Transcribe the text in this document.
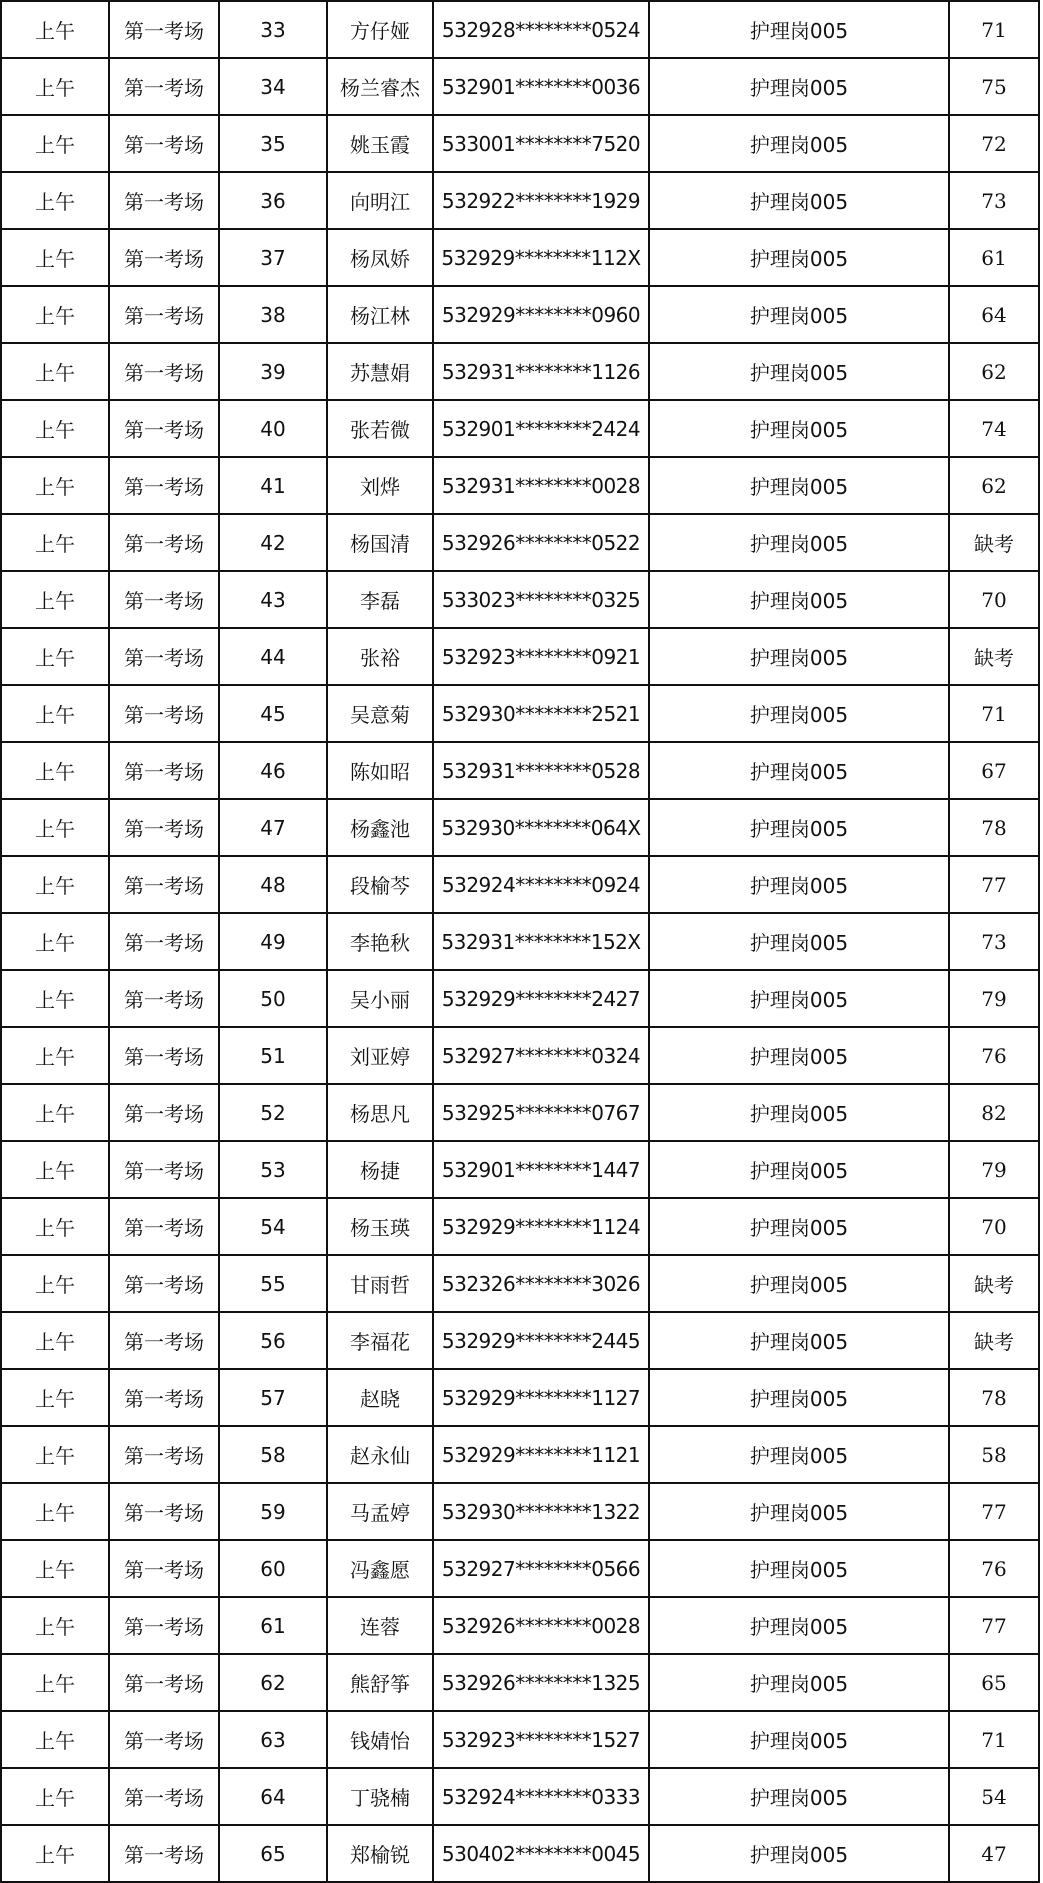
上午	第一考场	33	方仔娅	532928********0524	护理岗005	71
上午	第一考场	34	杨兰睿杰	532901********0036	护理岗005	75
上午	第一考场	35	姚玉霞	533001********7520	护理岗005	72
上午	第一考场	36	向明江	532922********1929	护理岗005	73
上午	第一考场	37	杨凤娇	532929********112X	护理岗005	61
上午	第一考场	38	杨江林	532929********0960	护理岗005	64
上午	第一考场	39	苏慧娟	532931********1126	护理岗005	62
上午	第一考场	40	张若微	532901********2424	护理岗005	74
上午	第一考场	41	刘烨	532931********0028	护理岗005	62
上午	第一考场	42	杨国清	532926********0522	护理岗005	缺考
上午	第一考场	43	李磊	533023********0325	护理岗005	70
上午	第一考场	44	张裕	532923********0921	护理岗005	缺考
上午	第一考场	45	吴意菊	532930********2521	护理岗005	71
上午	第一考场	46	陈如昭	532931********0528	护理岗005	67
上午	第一考场	47	杨鑫池	532930********064X	护理岗005	78
上午	第一考场	48	段榆芩	532924********0924	护理岗005	77
上午	第一考场	49	李艳秋	532931********152X	护理岗005	73
上午	第一考场	50	吴小丽	532929********2427	护理岗005	79
上午	第一考场	51	刘亚婷	532927********0324	护理岗005	76
上午	第一考场	52	杨思凡	532925********0767	护理岗005	82
上午	第一考场	53	杨捷	532901********1447	护理岗005	79
上午	第一考场	54	杨玉瑛	532929********1124	护理岗005	70
上午	第一考场	55	甘雨哲	532326********3026	护理岗005	缺考
上午	第一考场	56	李福花	532929********2445	护理岗005	缺考
上午	第一考场	57	赵晓	532929********1127	护理岗005	78
上午	第一考场	58	赵永仙	532929********1121	护理岗005	58
上午	第一考场	59	马孟婷	532930********1322	护理岗005	77
上午	第一考场	60	冯鑫愿	532927********0566	护理岗005	76
上午	第一考场	61	连蓉	532926********0028	护理岗005	77
上午	第一考场	62	熊舒筝	532926********1325	护理岗005	65
上午	第一考场	63	钱婧怡	532923********1527	护理岗005	71
上午	第一考场	64	丁骁楠	532924********0333	护理岗005	54
上午	第一考场	65	郑榆锐	530402********0045	护理岗005	47
